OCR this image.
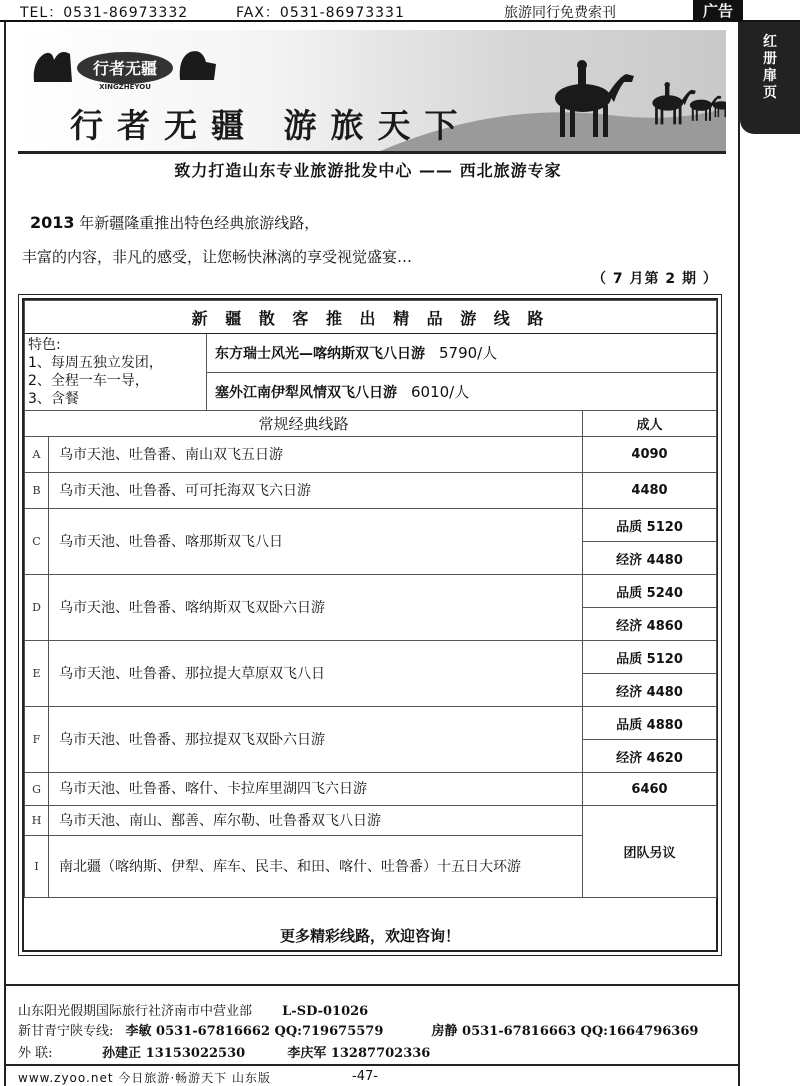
TEL：0531-86973332	FAX：0531-86973331	旅游同行免费索刊	广告
红册扉页
行者无疆
XINGZHEYOU
行者无疆 游旅天下
致力打造山东专业旅游批发中心 —— 西北旅游专家
2013 年新疆隆重推出特色经典旅游线路，
丰富的内容，非凡的感受，让您畅快淋漓的享受视觉盛宴…
（ 7 月第 2 期 ）
新 疆 散 客 推 出 精 品 游 线 路			

特色:
1、每周五独立发团，
2、全程一车一导，
3、含餐		东方瑞士风光—喀纳斯双飞八日游 5790/人	
		塞外江南伊犁风情双飞八日游 6010/人	
常规经典线路			成人
A	乌市天池、吐鲁番、南山双飞五日游		4090
B	乌市天池、吐鲁番、可可托海双飞六日游		4480
C	乌市天池、吐鲁番、喀那斯双飞八日		品质 5120
			经济 4480
D	乌市天池、吐鲁番、喀纳斯双飞双卧六日游		品质 5240
			经济 4860
E	乌市天池、吐鲁番、那拉提大草原双飞八日		品质 5120
			经济 4480
F	乌市天池、吐鲁番、那拉提双飞双卧六日游		品质 4880
			经济 4620
G	乌市天池、吐鲁番、喀什、卡拉库里湖四飞六日游		6460
H	乌市天池、南山、鄯善、库尔勒、吐鲁番双飞八日游		团队另议
I	南北疆（喀纳斯、伊犁、库车、民丰、和田、喀什、吐鲁番）十五日大环游		
更多精彩线路，欢迎咨询！
山东阳光假期国际旅行社济南市中营业部 L-SD-01026
新甘青宁陕专线: 李敏 0531-67816662 QQ:719675579	房静 0531-67816663 QQ:1664796369
外 联:	孙建正 13153022530	李庆军 13287702336
www.zyoo.net 今日旅游·畅游天下 山东版	-47-
